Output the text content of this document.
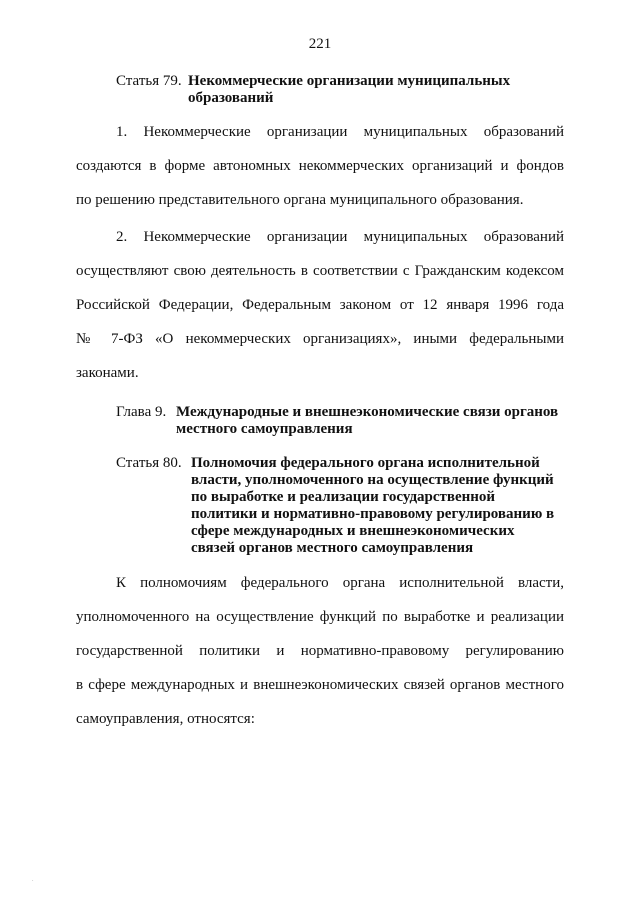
221
Статья 79. Некоммерческие организации муниципальных
образований

1. Некоммерческие организации муниципальных образований

создаются в форме автономных некоммерческих организаций и фондов

по решению представительного органа муниципального образования.

2. Некоммерческие организации муниципальных образований

осуществляют свою деятельность в соответствии с Гражданским кодексом

Российской Федерации, Федеральным законом от 12 января 1996 года

№ 7-ФЗ «О некоммерческих организациях», иными федеральными

законами.

Глава 9. Международные и внешнеэкономические связи органов
местного самоуправления
Статья 80. Полномочия федерального органа исполнительной
власти, уполномоченного на осуществление функций
по выработке и реализации государственной
политики и нормативно-правовому регулированию в
сфере международных и внешнеэкономических
связей органов местного самоуправления

К полномочиям федерального органа исполнительной власти,

уполномоченного на осуществление функций по выработке и реализации

государственной политики и нормативно-правовому регулированию

в сфере международных и внешнеэкономических связей органов местного

самоуправления, относятся:

.
